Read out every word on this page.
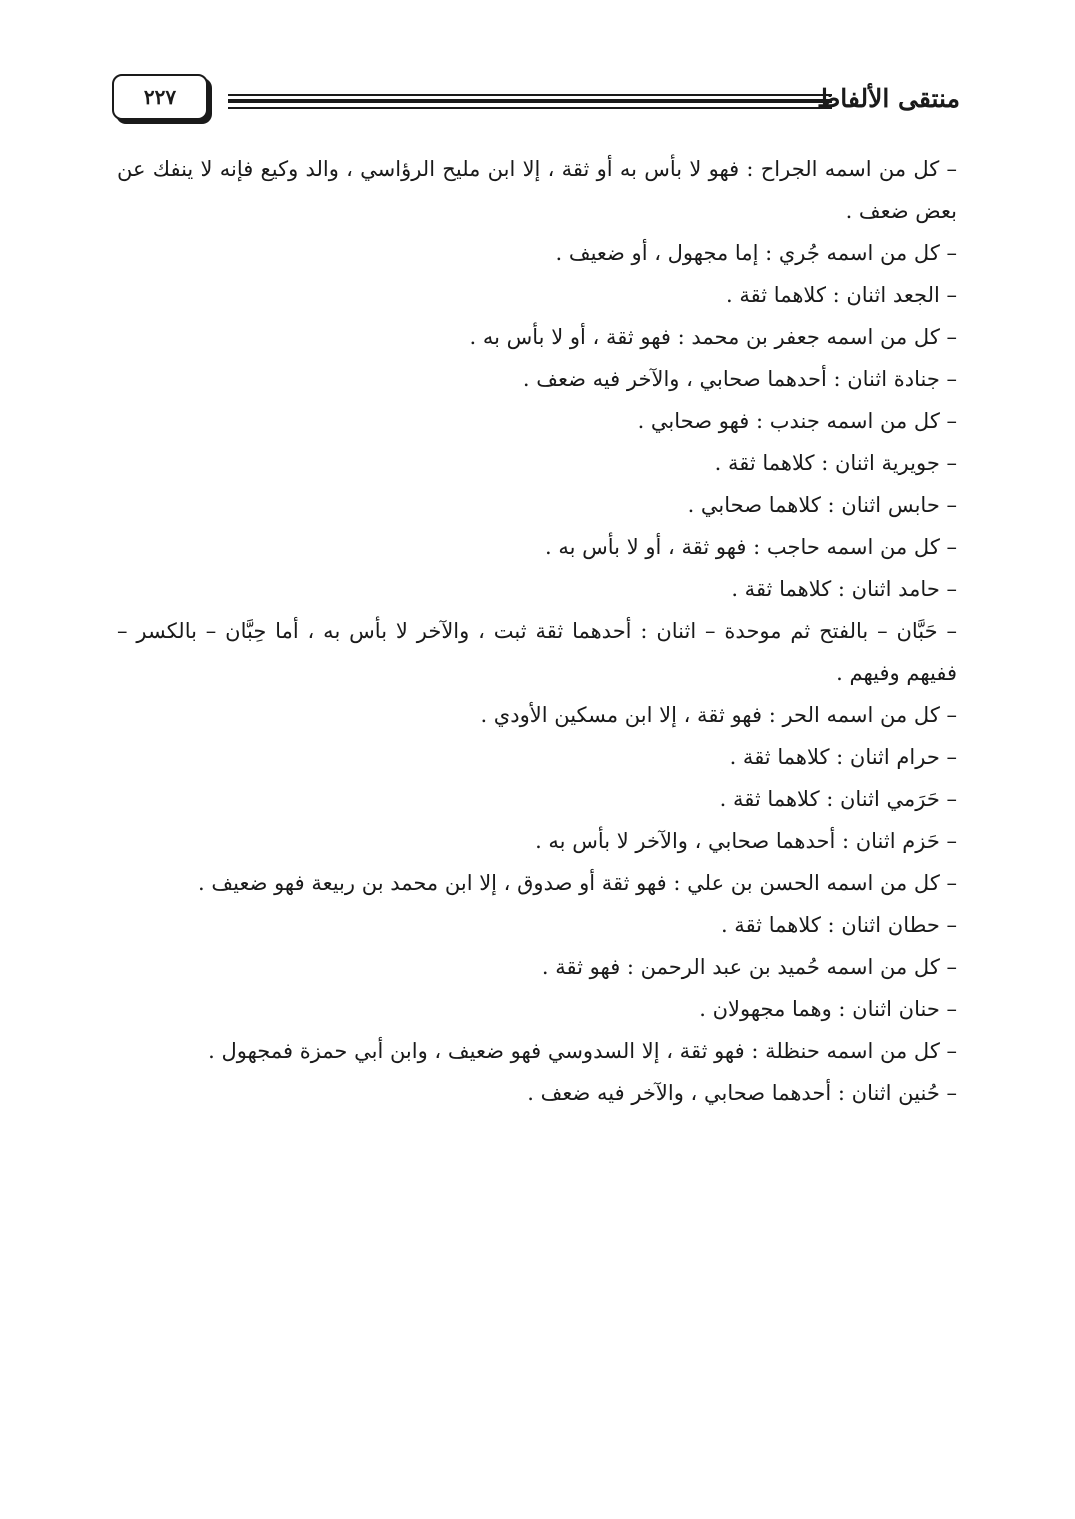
منتقى الألفاظ
٢٢٧

– كل من اسمه الجراح : فهو لا بأس به أو ثقة ، إلا ابن مليح الرؤاسي ، والد وكيع فإنه لا ينفك عن بعض ضعف .

– كل من اسمه جُري : إما مجهول ، أو ضعيف .

– الجعد اثنان : كلاهما ثقة .

– كل من اسمه جعفر بن محمد : فهو ثقة ، أو لا بأس به .

– جنادة اثنان : أحدهما صحابي ، والآخر فيه ضعف .

– كل من اسمه جندب : فهو صحابي .

– جويرية اثنان : كلاهما ثقة .

– حابس اثنان : كلاهما صحابي .

– كل من اسمه حاجب : فهو ثقة ، أو لا بأس به .

– حامد اثنان : كلاهما ثقة .

– حَبَّان – بالفتح ثم موحدة – اثنان : أحدهما ثقة ثبت ، والآخر لا بأس به ، أما حِبَّان – بالكسر – ففيهم وفيهم .

– كل من اسمه الحر : فهو ثقة ، إلا ابن مسكين الأودي .

– حرام اثنان : كلاهما ثقة .

– حَرَمي اثنان : كلاهما ثقة .

– حَزم اثنان : أحدهما صحابي ، والآخر لا بأس به .

– كل من اسمه الحسن بن علي : فهو ثقة أو صدوق ، إلا ابن محمد بن ربيعة فهو ضعيف .

– حطان اثنان : كلاهما ثقة .

– كل من اسمه حُميد بن عبد الرحمن : فهو ثقة .

– حنان اثنان : وهما مجهولان .

– كل من اسمه حنظلة : فهو ثقة ، إلا السدوسي فهو ضعيف ، وابن أبي حمزة فمجهول .

– حُنين اثنان : أحدهما صحابي ، والآخر فيه ضعف .
